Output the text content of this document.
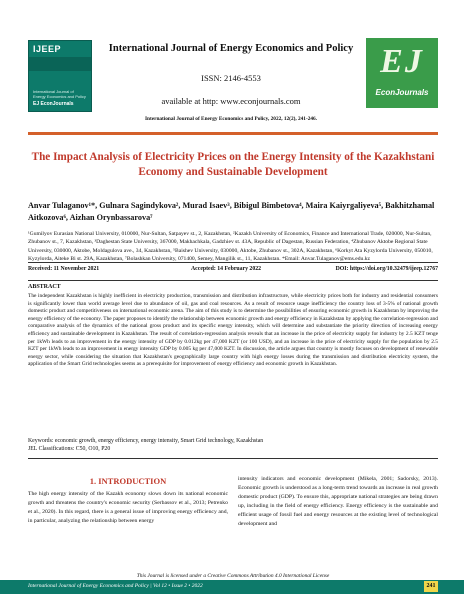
IJEEP
International Journal of Energy Economics and Policy
EJ EconJournals
International Journal of Energy Economics and Policy
ISSN: 2146-4553
available at http: www.econjournals.com
International Journal of Energy Economics and Policy, 2022, 12(2), 241-246.
EJ
EconJournals
The Impact Analysis of Electricity Prices on the Energy Intensity of the Kazakhstani Economy and Sustainable Development
Anvar Tulaganov¹*, Gulnara Sagindykova², Murad Isaev³, Bibigul Bimbetova⁴, Maira Kaiyrgaliyeva⁵, Bakhitzhamal Aitkozova⁶, Aizhan Orynbassarova⁷
¹Gumilyov Eurasian National University, 010000, Nur-Sultan, Satpayev st., 2, Kazakhstan, ²Kazakh University of Economics, Finance and International Trade, 020000, Nur-Sultan, Zhubanov st., 7, Kazakhstan, ³Daghestan State University, 367000, Makhachkala, Gadzhiev st. 43A, Republic of Dagestan, Russian Federation, ⁴Zhubanov Aktobe Regional State University, 030000, Aktobe, Moldagulova ave., 34, Kazakhstan, ⁵Baishev University, 030000, Aktobe, Zhubanov st., 302A, Kazakhstan, ⁶Korkyt Ata Kyzylorda University, 050010, Kyzylorda, Aiteke Bi st. 29A, Kazakhstan, ⁷Bolashkan University, 071400, Semey, Mangilik st., 11, Kazakhstan. *Email: Anvar.Tulaganov@ems.edu.kz
Received: 11 November 2021	Accepted: 14 February 2022	DOI: https://doi.org/10.32479/ijeep.12767
ABSTRACT
The independent Kazakhstan is highly inefficient in electricity production, transmission and distribution infrastructure, while electricity prices both for industry and residential consumers is significantly lower than world average level due to abundance of oil, gas and coal resources. As a result of resource usage inefficiency the country loss of 3-5% of national growth domestic product and competitiveness on international economic arena. The aim of this study is to determine the possibilities of ensuring economic growth in Kazakhstan by improving the energy efficiency of the economy. The paper proposes to identify the relationship between economic growth and energy efficiency in Kazakhstan by applying the correlation-regression and comparative analysis of the dynamics of the national gross product and its specific energy intensity, which will determine and substantiate the priority direction of increasing energy efficiency and sustainable development in Kazakhstan. The result of correlation-regression analysis reveals that an increase in the price of electricity supply for industry by 2.5 KZT tenge per 1kWh leads to an improvement in the energy intensity of GDP by 0.012kg per 47,000 KZT (or 100 USD), and an increase in the price of electricity supply for the population by 2.5 KZT per 1kWh leads to an improvement in energy intensity GDP by 0.005 kg per 47,000 KZT. In discussion, the article argues that country is mostly focuses on development of renewable energy sector, while considering the situation that Kazakhstan's geographically large country with high energy losses during the transmission and distribution electricity system, the application of the Smart Grid technologies seems as a prerequisite for improvement of energy efficiency and economic growth in Kazakhstan.
Keywords: economic growth, energy efficiency, energy intensity, Smart Grid technology, Kazakhstan
JEL Classifications: C50, O10, P20
1. INTRODUCTION
The high energy intensity of the Kazakh economy slows down its national economic growth and threatens the country's economic security (Serbassov et al., 2013; Petrenko et al., 2020). In this regard, there is a general issue of improving energy efficiency and, in particular, analyzing the relationship between energy
intensity indicators and economic development (Mikela, 2001; Sadorsky, 2013). Economic growth is understood as a long-term trend towards an increase in real growth domestic product (GDP). To ensure this, appropriate national strategies are being drawn up, including in the field of energy efficiency. Energy efficiency is the sustainable and efficient usage of fossil fuel and energy resources at the existing level of technological development and
This Journal is licensed under a Creative Commons Attribution 4.0 International License
International Journal of Energy Economics and Policy | Vol 12 • Issue 2 • 2022	241
